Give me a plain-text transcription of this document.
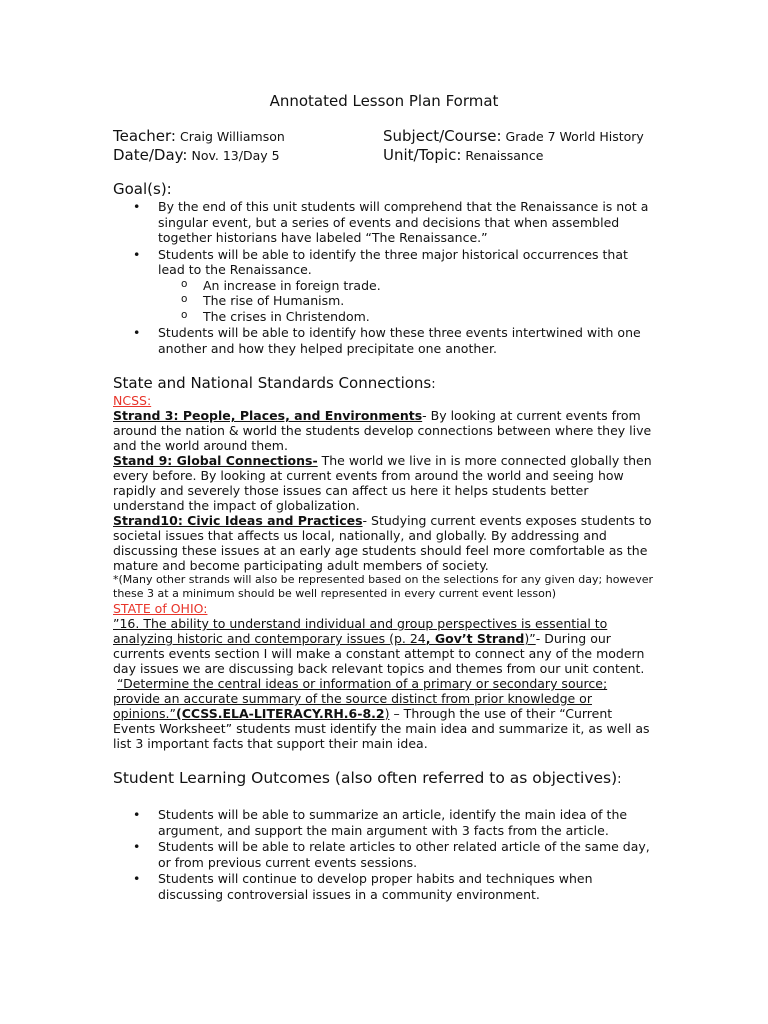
Annotated Lesson Plan Format
Teacher: Craig Williamson	Subject/Course: Grade 7 World History
Date/Day: Nov. 13/Day 5	Unit/Topic: Renaissance
Goal(s):
• By the end of this unit students will comprehend that the Renaissance is not a singular event, but a series of events and decisions that when assembled together historians have labeled “The Renaissance.”
• Students will be able to identify the three major historical occurrences that lead to the Renaissance.
o An increase in foreign trade.
o The rise of Humanism.
o The crises in Christendom.
• Students will be able to identify how these three events intertwined with one another and how they helped precipitate one another.
State and National Standards Connections:

NCSS:

Strand 3: People, Places, and Environments- By looking at current events from around the nation & world the students develop connections between where they live and the world around them.

Stand 9: Global Connections- The world we live in is more connected globally then every before. By looking at current events from around the world and seeing how rapidly and severely those issues can affect us here it helps students better understand the impact of globalization.

Strand10: Civic Ideas and Practices- Studying current events exposes students to societal issues that affects us local, nationally, and globally. By addressing and discussing these issues at an early age students should feel more comfortable as the mature and become participating adult members of society.

*(Many other strands will also be represented based on the selections for any given day; however these 3 at a minimum should be well represented in every current event lesson)

STATE of OHIO:

”16. The ability to understand individual and group perspectives is essential to analyzing historic and contemporary issues (p. 24, Gov’t Strand)”- During our currents events section I will make a constant attempt to connect any of the modern day issues we are discussing back relevant topics and themes from our unit content.

“Determine the central ideas or information of a primary or secondary source; provide an accurate summary of the source distinct from prior knowledge or opinions.”(CCSS.ELA-LITERACY.RH.6-8.2) – Through the use of their “Current Events Worksheet” students must identify the main idea and summarize it, as well as list 3 important facts that support their main idea.

Student Learning Outcomes (also often referred to as objectives):
• Students will be able to summarize an article, identify the main idea of the argument, and support the main argument with 3 facts from the article.
• Students will be able to relate articles to other related article of the same day, or from previous current events sessions.
• Students will continue to develop proper habits and techniques when discussing controversial issues in a community environment.
